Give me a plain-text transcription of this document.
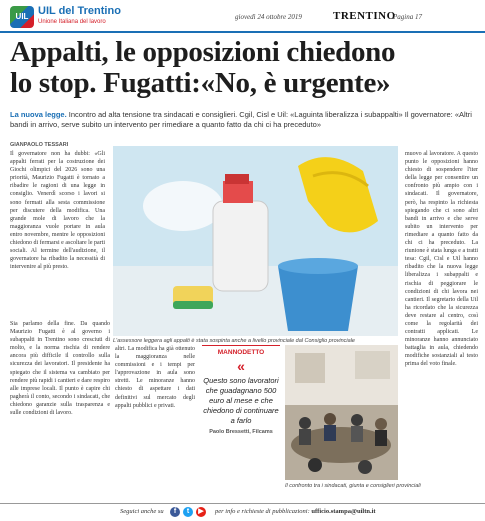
UIL UIL del Trentino
Unione Italiana del lavoro
giovedì 24 ottobre 2019	TRENTINO
Pagina 17
Appalti, le opposizioni chiedono
lo stop. Fugatti:«No, è urgente»
La nuova legge. Incontro ad alta tensione tra sindacati e consiglieri. Cgil, Cisl e Uil: «Laguinta liberalizza i subappalti» Il governatore: «Altri bandi in arrivo, serve subito un intervento per rimediare a quanto fatto da chi ci ha preceduto»
GIANPAOLO TESSARI
Il governatore non ha dubbi: «Gli appalti ferrati per la costruzione dei Giochi olimpici del 2026 sono una priorità, Maurizio Fugatti è tornato a ribadire le ragioni di una legge in consiglio. Venerdì scorso i lavori si sono fermati alla sesta commissione per discutere della modifica. Una grande mole di lavoro che la maggioranza vuole portare in aula entro novembre, mentre le opposizioni chiedono di fermarsi e ascoltare le parti sociali. Al termine dell'audizione, il governatore ha ribadito la necessità di intervenire al più presto.
Sia parlamo della fine. Da quando Maurizio Fugatti è al governo i subappalti in Trentino sono cresciuti di molto, e la norma rischia di rendere ancora più difficile il controllo sulla sicurezza dei lavoratori. Il presidente ha spiegato che il sistema va cambiato per rendere più rapidi i cantieri e dare respiro alle imprese locali. Il punto è capire chi pagherà il conto, secondo i sindacati, che chiedono garanzie sulla trasparenza e sulle condizioni di lavoro.
altri. La modifica ha già ottenuto la maggioranza nelle commissioni e i tempi per l'approvazione in aula sono stretti. Le minoranze hanno chiesto di aspettare i dati definitivi sul mercato degli appalti pubblici e privati.
muovo al lavoratore. A questo punto le opposizioni hanno chiesto di sospendere l'iter della legge per consentire un confronto più ampio con i sindacati. Il governatore, però, ha respinto la richiesta spiegando che ci sono altri bandi in arrivo e che serve subito un intervento per rimediare a quanto fatto da chi ci ha preceduto. La riunione è stata lunga e a tratti tesa: Cgil, Cisl e Uil hanno ribadito che la nuova legge liberalizza i subappalti e rischia di peggiorare le condizioni di chi lavora nei cantieri. Il segretario della Uil ha ricordato che la sicurezza deve restare al centro, così come la regolarità dei contratti applicati. Le minoranze hanno annunciato battaglia in aula, chiedendo modifiche sostanziali al testo prima del voto finale.
L'assessore leggera agli appalti è stata sospinta anche a livello provinciale dal Consiglio provinciale
MANNODETTO
«
Questo sono lavoratori che guadagnano 500 euro al mese e che chiedono di continuare a farlo
Paolo Bressetti, Filcams
Il confronto tra i sindacati, giunta e consiglieri provinciali
Seguici anche su	f	t	▶	per info e richieste di pubblicazioni: ufficio.stampa@uiltn.it
